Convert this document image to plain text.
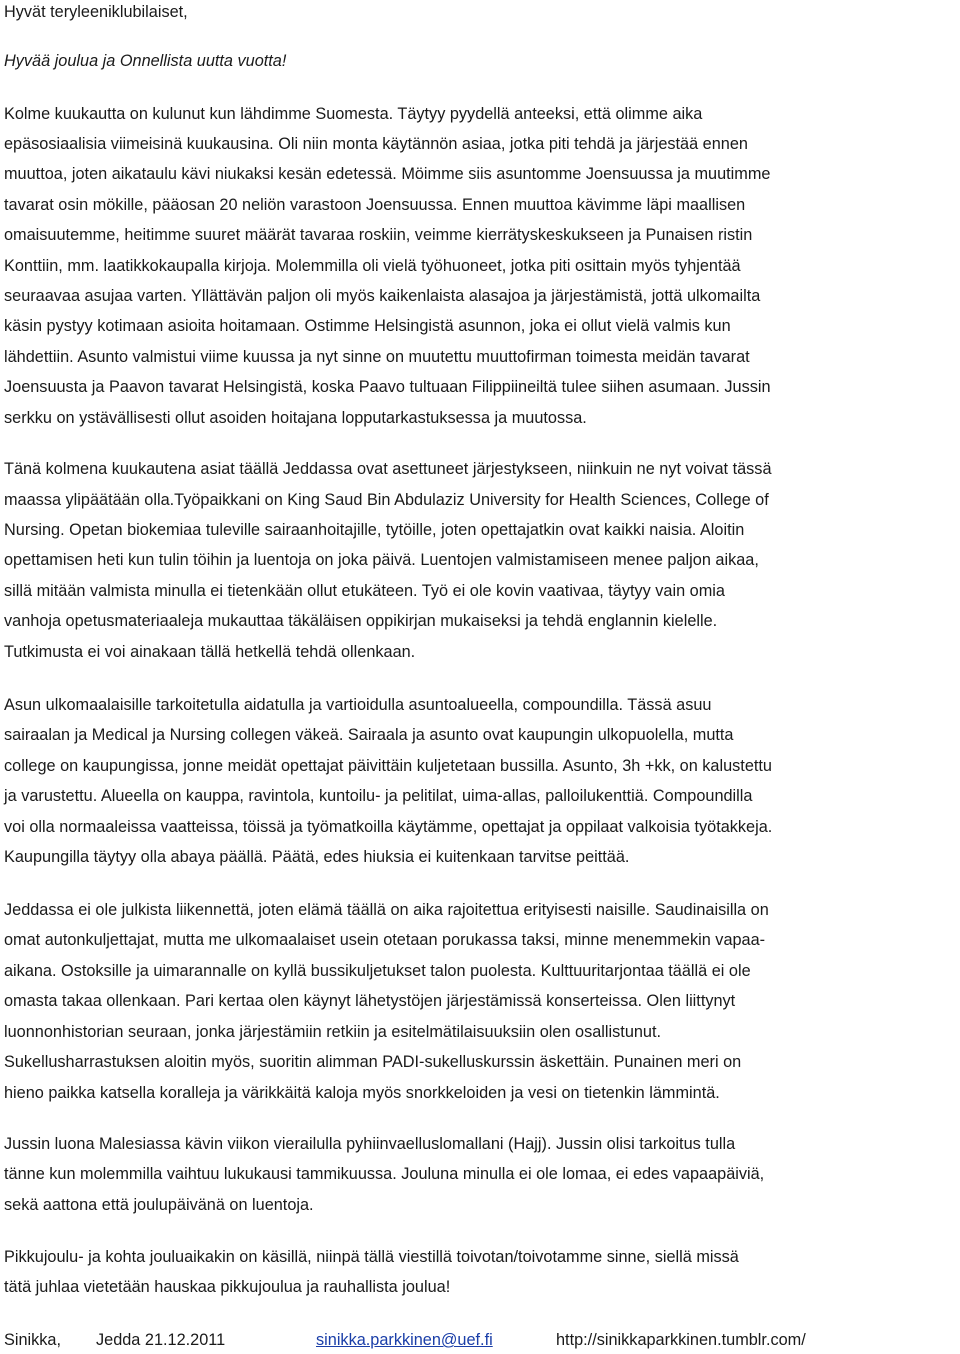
Hyvät teryleeniklubilaiset,
Hyvää joulua ja Onnellista uutta vuotta!
Kolme kuukautta on kulunut kun lähdimme Suomesta. Täytyy pyydellä anteeksi, että olimme aika
epäsosiaalisia viimeisinä kuukausina. Oli niin monta käytännön asiaa, jotka piti tehdä ja järjestää ennen
muuttoa, joten aikataulu kävi niukaksi kesän edetessä. Möimme siis asuntomme Joensuussa ja muutimme
tavarat osin mökille, pääosan 20 neliön varastoon Joensuussa. Ennen muuttoa kävimme läpi maallisen
omaisuutemme, heitimme suuret määrät tavaraa roskiin, veimme kierrätyskeskukseen ja Punaisen ristin
Konttiin, mm. laatikkokaupalla kirjoja. Molemmilla oli vielä työhuoneet, jotka piti osittain myös tyhjentää
seuraavaa asujaa varten. Yllättävän paljon oli myös kaikenlaista alasajoa ja järjestämistä, jottä ulkomailta
käsin pystyy kotimaan asioita hoitamaan. Ostimme Helsingistä asunnon, joka ei ollut vielä valmis kun
lähdettiin. Asunto valmistui viime kuussa ja nyt sinne on muutettu muuttofirman toimesta meidän tavarat
Joensuusta ja Paavon tavarat Helsingistä, koska Paavo tultuaan Filippiineiltä tulee siihen asumaan. Jussin
serkku on ystävällisesti ollut asoiden hoitajana lopputarkastuksessa ja muutossa.
Tänä kolmena kuukautena asiat täällä Jeddassa ovat asettuneet järjestykseen, niinkuin ne nyt voivat tässä
maassa ylipäätään olla.Työpaikkani on King Saud Bin Abdulaziz University for Health Sciences, College of
Nursing. Opetan biokemiaa tuleville sairaanhoitajille, tytöille, joten opettajatkin ovat kaikki naisia. Aloitin
opettamisen heti kun tulin töihin ja luentoja on joka päivä. Luentojen valmistamiseen menee paljon aikaa,
sillä mitään valmista minulla ei tietenkään ollut etukäteen. Työ ei ole kovin vaativaa, täytyy vain omia
vanhoja opetusmateriaaleja mukauttaa täkäläisen oppikirjan mukaiseksi ja tehdä englannin kielelle.
Tutkimusta ei voi ainakaan tällä hetkellä tehdä ollenkaan.
Asun ulkomaalaisille tarkoitetulla aidatulla ja vartioidulla asuntoalueella, compoundilla. Tässä asuu
sairaalan ja Medical ja Nursing collegen väkeä. Sairaala ja asunto ovat kaupungin ulkopuolella, mutta
college on kaupungissa, jonne meidät opettajat päivittäin kuljetetaan bussilla. Asunto, 3h +kk, on kalustettu
ja varustettu. Alueella on kauppa, ravintola, kuntoilu- ja pelitilat, uima-allas, palloilukenttiä. Compoundilla
voi olla normaaleissa vaatteissa, töissä ja työmatkoilla käytämme, opettajat ja oppilaat valkoisia työtakkeja.
Kaupungilla täytyy olla abaya päällä. Päätä, edes hiuksia ei kuitenkaan tarvitse peittää.
Jeddassa ei ole julkista liikennettä, joten elämä täällä on aika rajoitettua erityisesti naisille. Saudinaisilla on
omat autonkuljettajat, mutta me ulkomaalaiset usein otetaan porukassa taksi, minne menemmekin vapaa-
aikana. Ostoksille ja uimarannalle on kyllä bussikuljetukset talon puolesta. Kulttuuritarjontaa täällä ei ole
omasta takaa ollenkaan. Pari kertaa olen käynyt lähetystöjen järjestämissä konserteissa. Olen liittynyt
luonnonhistorian seuraan, jonka järjestämiin retkiin ja esitelmätilaisuuksiin olen osallistunut.
Sukellusharrastuksen aloitin myös, suoritin alimman PADI-sukelluskurssin äskettäin. Punainen meri on
hieno paikka katsella koralleja ja värikkäitä kaloja myös snorkkeloiden ja vesi on tietenkin lämmintä.
Jussin luona Malesiassa kävin viikon vierailulla pyhiinvaelluslomallani (Hajj). Jussin olisi tarkoitus tulla
tänne kun molemmilla vaihtuu lukukausi tammikuussa. Jouluna minulla ei ole lomaa, ei edes vapaapäiviä,
sekä aattona että joulupäivänä on luentoja.
Pikkujoulu- ja kohta jouluaikakin on käsillä, niinpä tällä viestillä toivotan/toivotamme sinne, siellä missä
tätä juhlaa vietetään hauskaa pikkujoulua ja rauhallista joulua!
Sinikka, Jedda 21.12.2011	sinikka.parkkinen@uef.fi	http://sinikkaparkkinen.tumblr.com/
